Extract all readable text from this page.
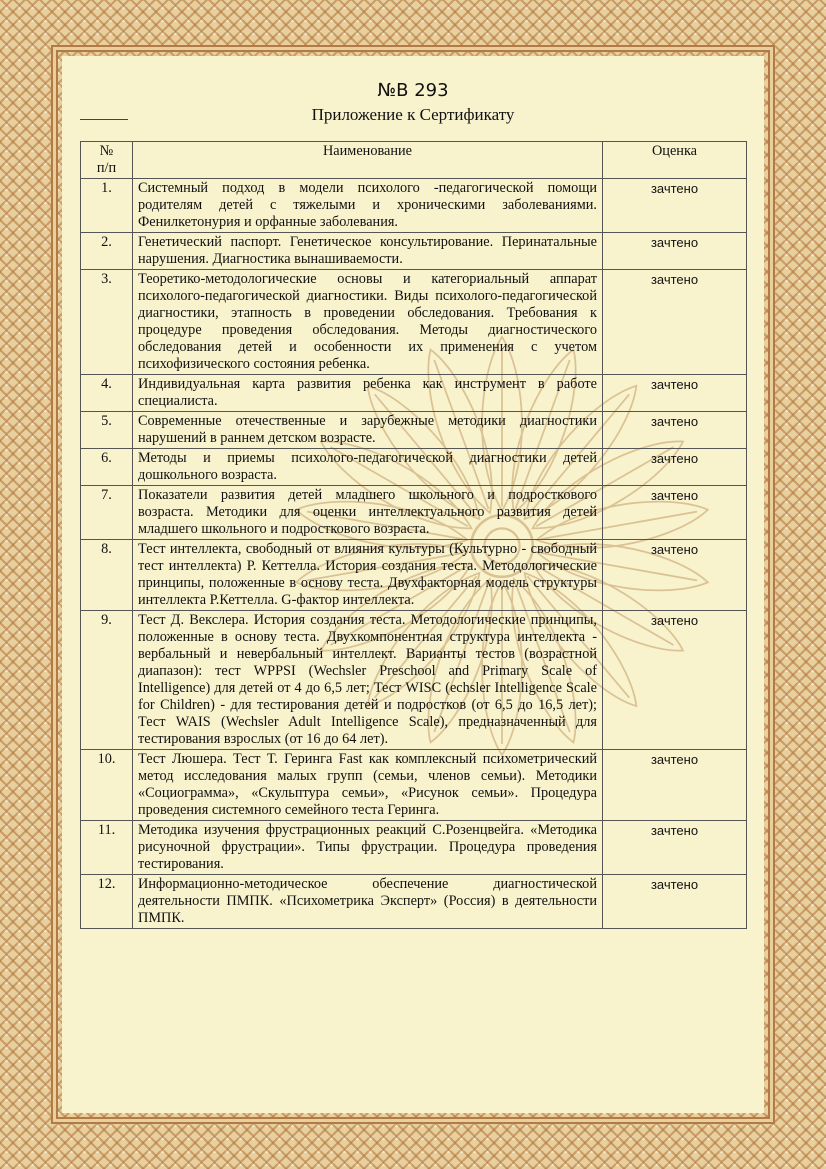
№В 293

Приложение к Сертификату

№
п/п	Наименование	Оценка
1.	Системный подход в модели психолого -педагогической помощи родителям детей с тяжелыми и хроническими заболеваниями. Фенилкетонурия и орфанные заболевания.	зачтено
2.	Генетический паспорт. Генетическое консультирование. Перинатальные нарушения. Диагностика вынашиваемости.	зачтено
3.	Теоретико-методологические основы и категориальный аппарат психолого-педагогической диагностики. Виды психолого-педагогической диагностики, этапность в проведении обследования. Требования к процедуре проведения обследования. Методы диагностического обследования детей и особенности их применения с учетом психофизического состояния ребенка.	зачтено
4.	Индивидуальная карта развития ребенка как инструмент в работе специалиста.	зачтено
5.	Современные отечественные и зарубежные методики диагностики нарушений в раннем детском возрасте.	зачтено
6.	Методы и приемы психолого-педагогической диагностики детей дошкольного возраста.	зачтено
7.	Показатели развития детей младшего школьного и подросткового возраста. Методики для оценки интеллектуального развития детей младшего школьного и подросткового возраста.	зачтено
8.	Тест интеллекта, свободный от влияния культуры (Культурно - свободный тест интеллекта) Р. Кеттелла. История создания теста. Методологические принципы, положенные в основу теста. Двухфакторная модель структуры интеллекта Р.Кеттелла. G-фактор интеллекта.	зачтено
9.	Тест Д. Векслера. История создания теста. Методологические принципы, положенные в основу теста. Двухкомпонентная структура интеллекта - вербальный и невербальный интеллект. Варианты тестов (возрастной диапазон): тест WPPSI (Wechsler Preschool and Primary Scale of Intelligence) для детей от 4 до 6,5 лет; Тест WISC (echsler Intelligence Scale for Children) - для тестирования детей и подростков (от 6,5 до 16,5 лет); Тест WAIS (Wechsler Adult Intelligence Scale), предназначенный для тестирования взрослых (от 16 до 64 лет).	зачтено
10.	Тест Люшера. Тест Т. Геринга Fast как комплексный психометрический метод исследования малых групп (семьи, членов семьи). Методики «Социограмма», «Скульптура семьи», «Рисунок семьи». Процедура проведения системного семейного теста Геринга.	зачтено
11.	Методика изучения фрустрационных реакций С.Розенцвейга. «Методика рисуночной фрустрации». Типы фрустрации. Процедура проведения тестирования.	зачтено
12.	Информационно-методическое обеспечение диагностической деятельности ПМПК. «Психометрика Эксперт» (Россия) в деятельности ПМПК.	зачтено
